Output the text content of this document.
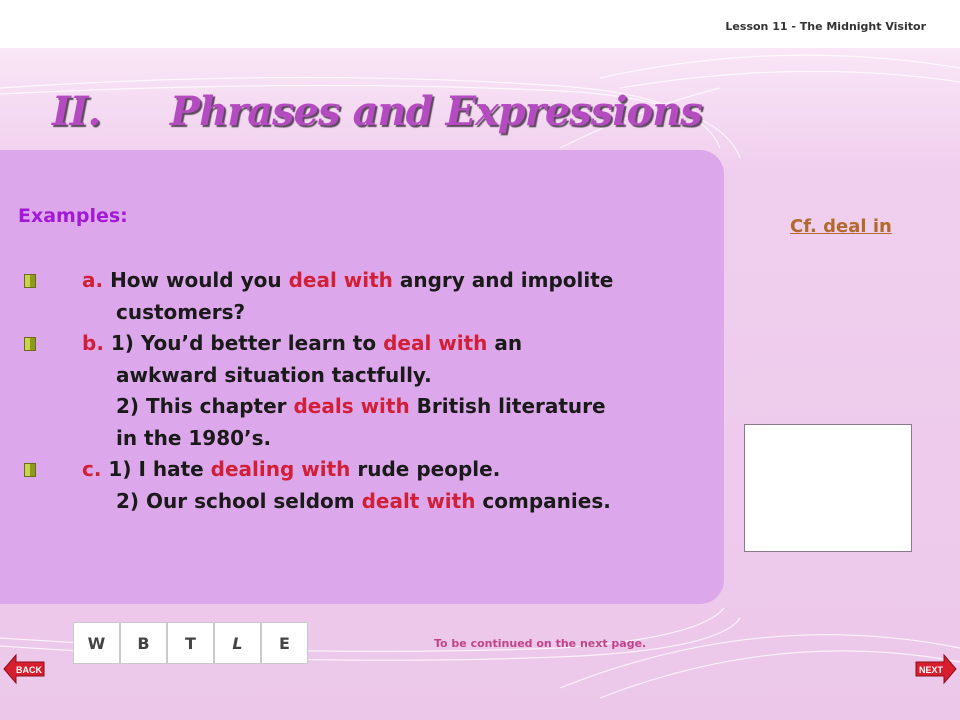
Lesson 11 - The Midnight Visitor
II. Phrases and Expressions
Examples:
a. How would you deal with angry and impolite
customers?
b. 1) You’d better learn to deal with an
awkward situation tactfully.
2) This chapter deals with British literature
in the 1980’s.
c. 1) I hate dealing with rude people.
2) Our school seldom dealt with companies.
Cf. deal in
W	B	T	L	E	To be continued on the next page.
BACK	NEXT
